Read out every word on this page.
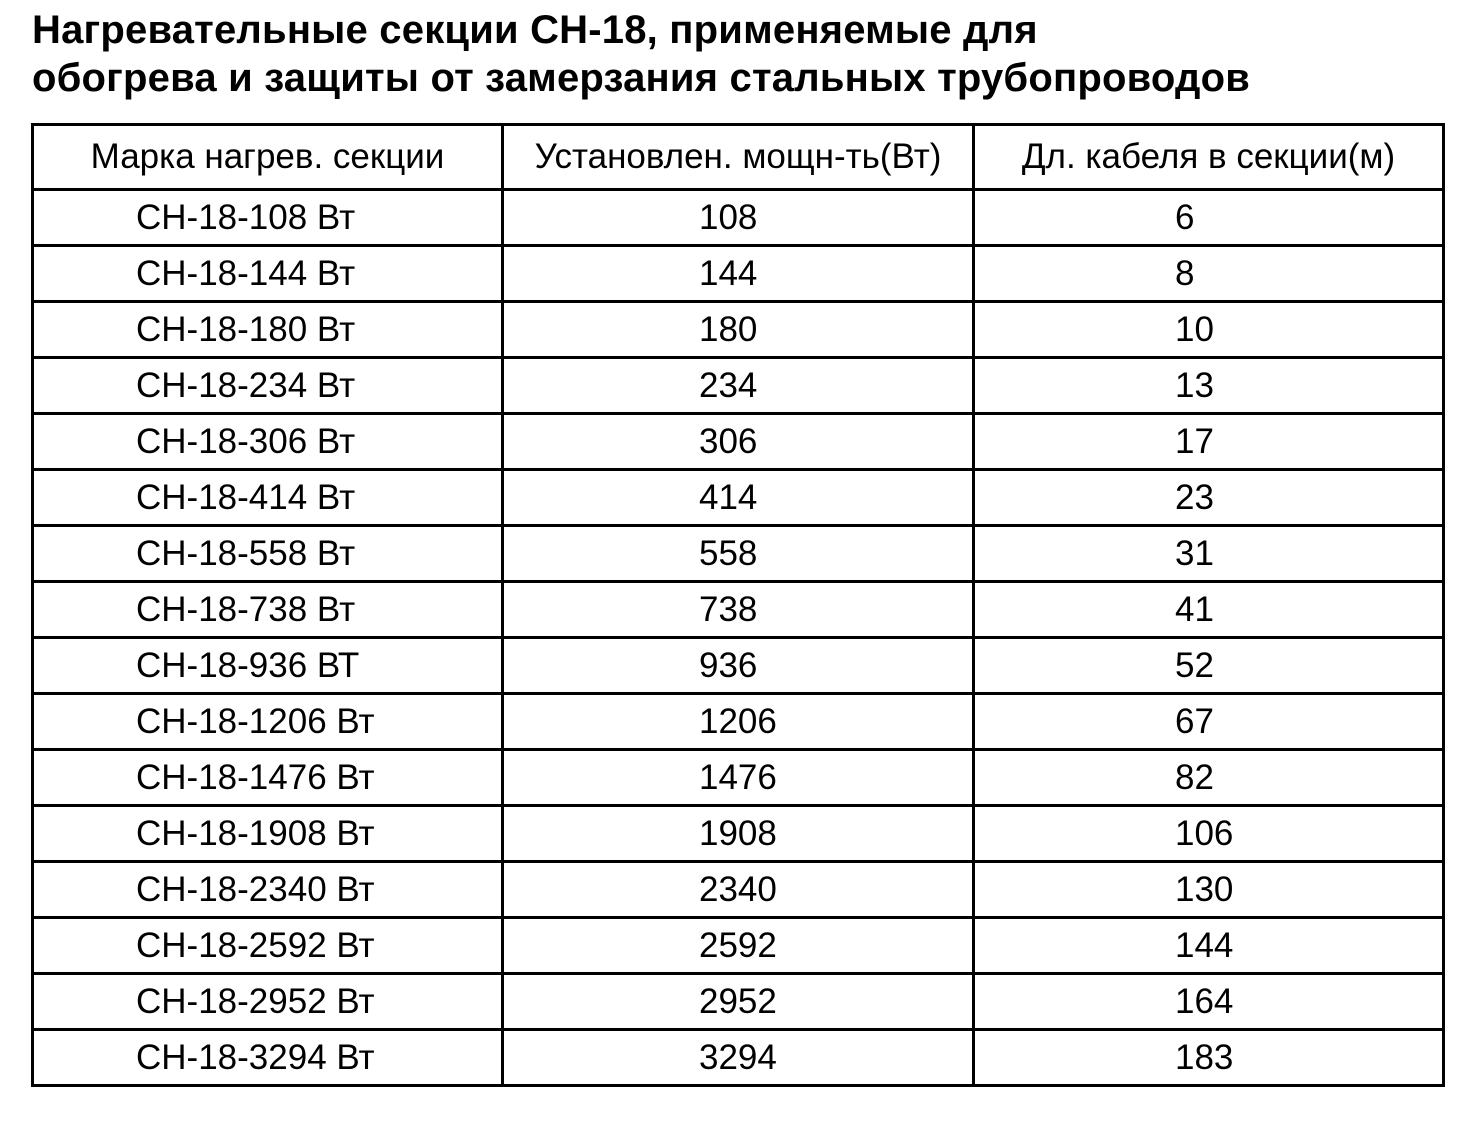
Нагревательные секции СН-18, применяемые для
обогрева и защиты от замерзания стальных трубопроводов
Марка нагрев. секции	Установлен. мощн-ть(Вт)	Дл. кабеля в секции(м)
СН-18-108 Вт	108	6
СН-18-144 Вт	144	8
СН-18-180 Вт	180	10
СН-18-234 Вт	234	13
СН-18-306 Вт	306	17
СН-18-414 Вт	414	23
СН-18-558 Вт	558	31
СН-18-738 Вт	738	41
СН-18-936 ВТ	936	52
СН-18-1206 Вт	1206	67
СН-18-1476 Вт	1476	82
СН-18-1908 Вт	1908	106
СН-18-2340 Вт	2340	130
СН-18-2592 Вт	2592	144
СН-18-2952 Вт	2952	164
СН-18-3294 Вт	3294	183
